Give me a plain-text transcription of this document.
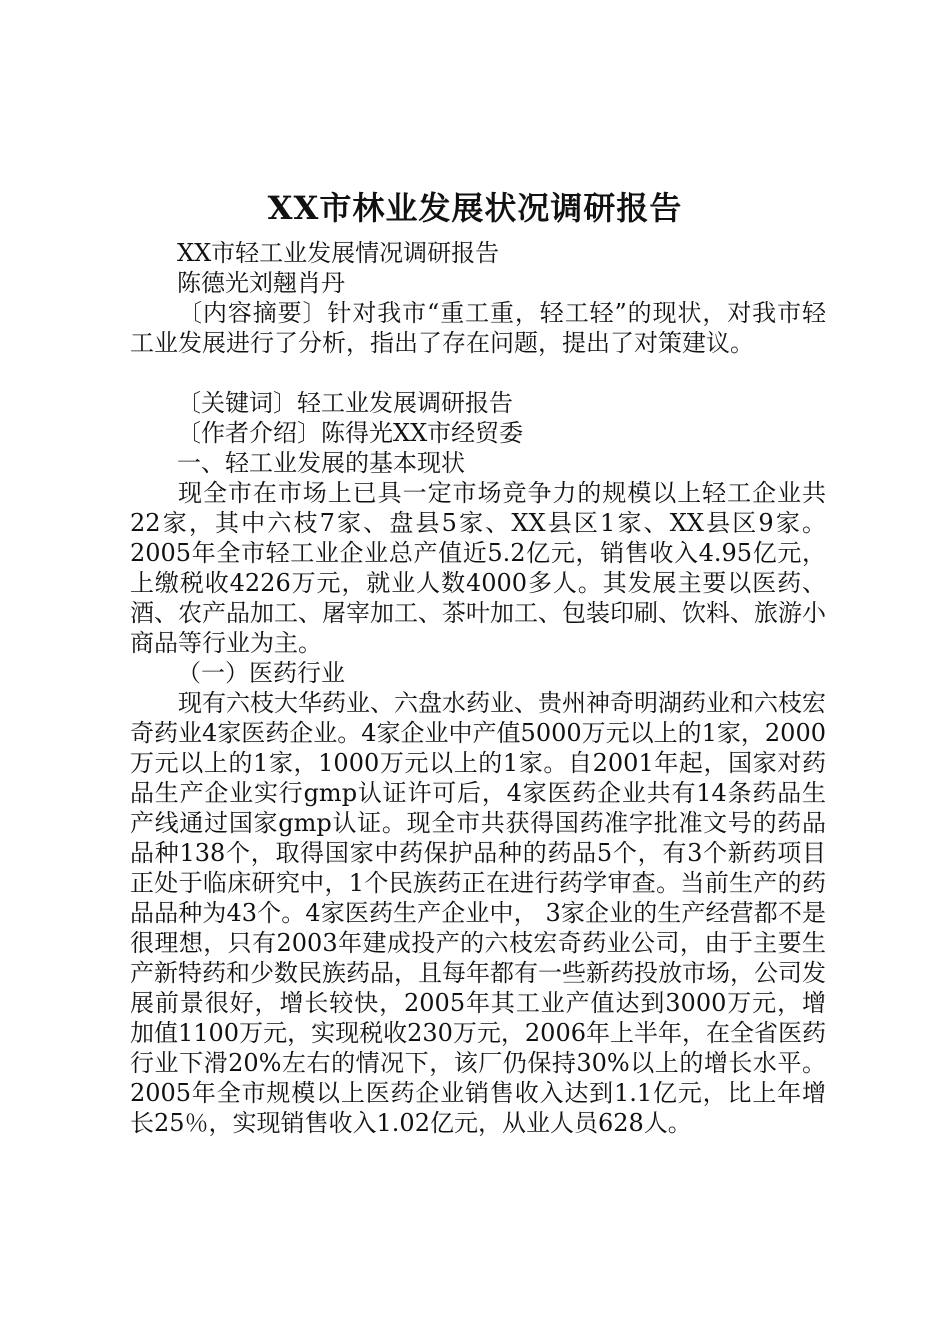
XX市林业发展状况调研报告

XX市轻工业发展情况调研报告

陈德光刘翹肖丹

〔内容摘要〕针对我市“重工重，轻工轻”的现状，对我市轻工业发展进行了分析，指出了存在问题，提出了对策建议。

〔关键词〕轻工业发展调研报告

〔作者介绍〕陈得光XX市经贸委

一、轻工业发展的基本现状

现全市在市场上已具一定市场竞争力的规模以上轻工企业共22家，其中六枝7家、盘县5家、XX县区1家、XX县区9家。2005年全市轻工业企业总产值近5.2亿元，销售收入4.95亿元，上缴税收4226万元，就业人数4000多人。其发展主要以医药、酒、农产品加工、屠宰加工、茶叶加工、包装印刷、饮料、旅游小商品等行业为主。

（一）医药行业

现有六枝大华药业、六盘水药业、贵州神奇明湖药业和六枝宏奇药业4家医药企业。4家企业中产值5000万元以上的1家，2000万元以上的1家，1000万元以上的1家。自2001年起，国家对药品生产企业实行gmp认证许可后，4家医药企业共有14条药品生产线通过国家gmp认证。现全市共获得国药准字批准文号的药品品种138个，取得国家中药保护品种的药品5个，有3个新药项目正处于临床研究中，1个民族药正在进行药学审查。当前生产的药品品种为43个。4家医药生产企业中， 3家企业的生产经营都不是很理想，只有2003年建成投产的六枝宏奇药业公司，由于主要生产新特药和少数民族药品，且每年都有一些新药投放市场，公司发展前景很好，增长较快，2005年其工业产值达到3000万元，增加值1100万元，实现税收230万元，2006年上半年，在全省医药行业下滑20%左右的情况下，该厂仍保持30%以上的增长水平。2005年全市规模以上医药企业销售收入达到1.1亿元，比上年增长25％，实现销售收入1.02亿元，从业人员628人。
